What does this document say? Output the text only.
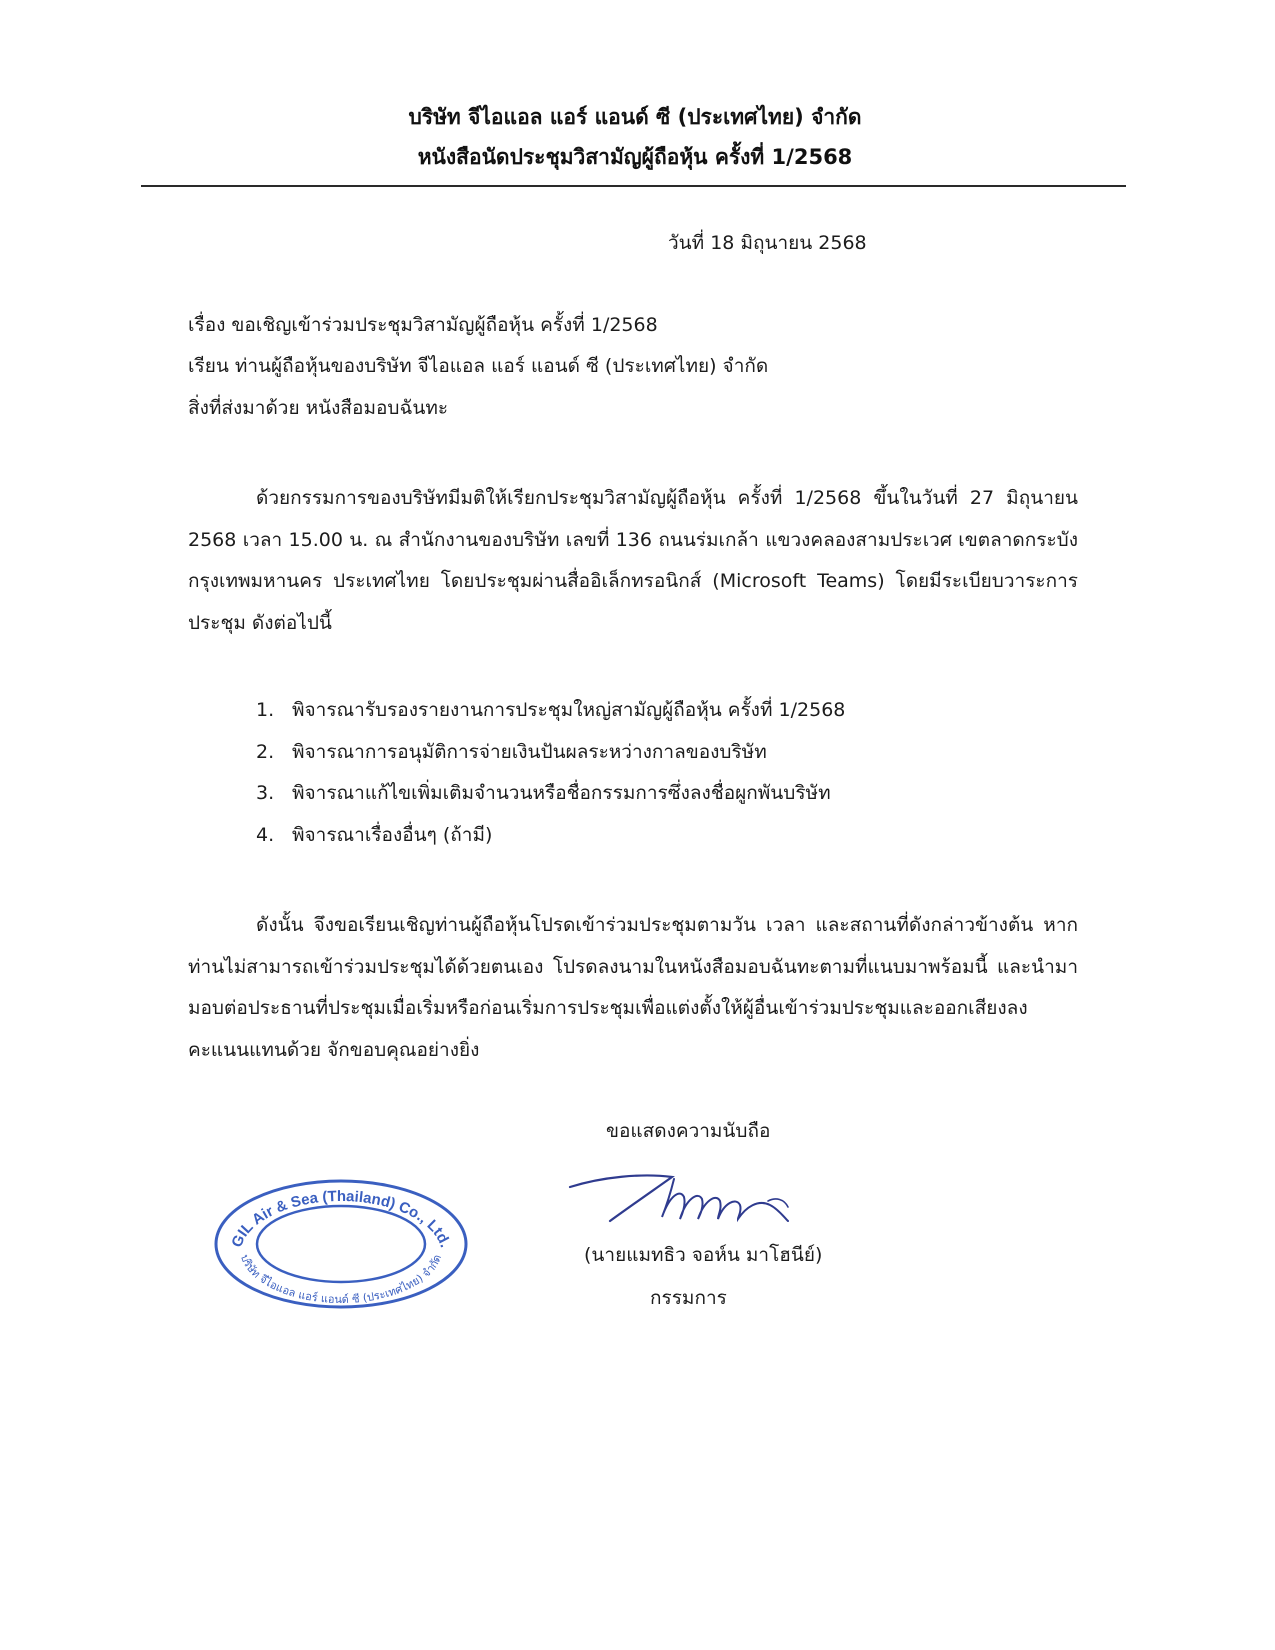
บริษัท จีไอแอล แอร์ แอนด์ ซี (ประเทศไทย) จำกัด
หนังสือนัดประชุมวิสามัญผู้ถือหุ้น ครั้งที่ 1/2568
วันที่ 18 มิถุนายน 2568
เรื่อง ขอเชิญเข้าร่วมประชุมวิสามัญผู้ถือหุ้น ครั้งที่ 1/2568
เรียน ท่านผู้ถือหุ้นของบริษัท จีไอแอล แอร์ แอนด์ ซี (ประเทศไทย) จำกัด
สิ่งที่ส่งมาด้วย หนังสือมอบฉันทะ

ด้วยกรรมการของบริษัทมีมติให้เรียกประชุมวิสามัญผู้ถือหุ้น ครั้งที่ 1/2568 ขึ้นในวันที่ 27 มิถุนายน 2568 เวลา 15.00 น. ณ สำนักงานของบริษัท เลขที่ 136 ถนนร่มเกล้า แขวงคลองสามประเวศ เขตลาดกระบัง กรุงเทพมหานคร ประเทศไทย โดยประชุมผ่านสื่ออิเล็กทรอนิกส์ (Microsoft Teams) โดยมีระเบียบวาระการประชุม ดังต่อไปนี้

1. พิจารณารับรองรายงานการประชุมใหญ่สามัญผู้ถือหุ้น ครั้งที่ 1/2568
2. พิจารณาการอนุมัติการจ่ายเงินปันผลระหว่างกาลของบริษัท
3. พิจารณาแก้ไขเพิ่มเติมจำนวนหรือชื่อกรรมการซึ่งลงชื่อผูกพันบริษัท
4. พิจารณาเรื่องอื่นๆ (ถ้ามี)

ดังนั้น จึงขอเรียนเชิญท่านผู้ถือหุ้นโปรดเข้าร่วมประชุมตามวัน เวลา และสถานที่ดังกล่าวข้างต้น หากท่านไม่สามารถเข้าร่วมประชุมได้ด้วยตนเอง โปรดลงนามในหนังสือมอบฉันทะตามที่แนบมาพร้อมนี้ และนำมามอบต่อประธานที่ประชุมเมื่อเริ่มหรือก่อนเริ่มการประชุมเพื่อแต่งตั้งให้ผู้อื่นเข้าร่วมประชุมและออกเสียงลงคะแนนแทนด้วย จักขอบคุณอย่างยิ่ง

ขอแสดงความนับถือ
(นายแมทธิว จอห์น มาโฮนีย์)
กรรมการ
GIL Air & Sea (Thailand) Co., Ltd.
บริษัท จีไอแอล แอร์ แอนด์ ซี (ประเทศไทย) จำกัด
